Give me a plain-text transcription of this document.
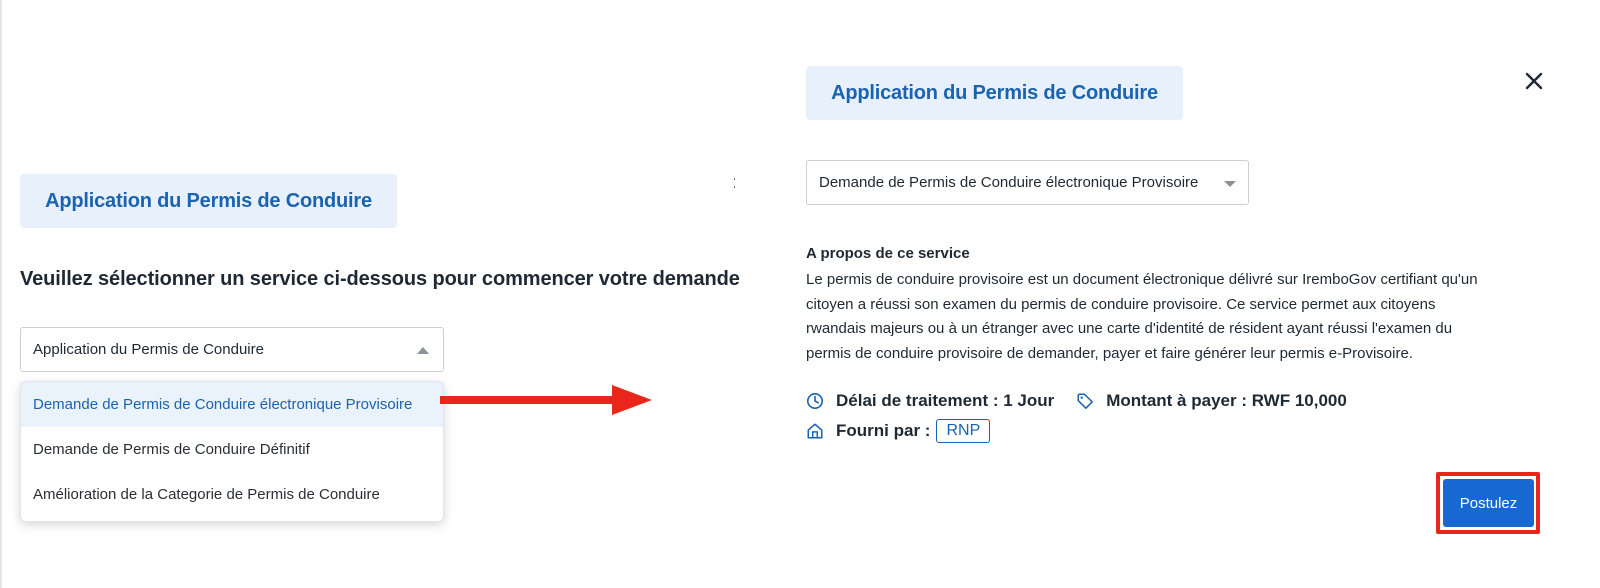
Application du Permis de Conduire
Veuillez sélectionner un service ci-dessous pour commencer votre demande
Application du Permis de Conduire
Demande de Permis de Conduire électronique Provisoire
Demande de Permis de Conduire Définitif
Amélioration de la Categorie de Permis de Conduire
Application du Permis de Conduire
Demande de Permis de Conduire électronique Provisoire
A propos de ce service
Le permis de conduire provisoire est un document électronique délivré sur IremboGov certifiant qu'un
citoyen a réussi son examen du permis de conduire provisoire. Ce service permet aux citoyens
rwandais majeurs ou à un étranger avec une carte d'identité de résident ayant réussi l'examen du
permis de conduire provisoire de demander, payer et faire générer leur permis e-Provisoire.
Délai de traitement : 1 Jour	Montant à payer : RWF 10,000
Fourni par :	RNP
Postulez
